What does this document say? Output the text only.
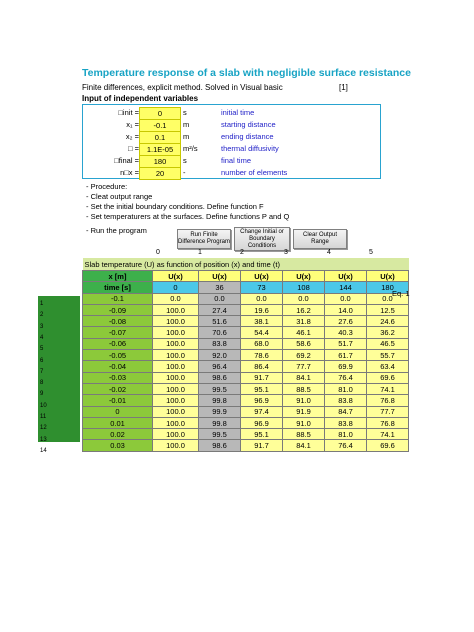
Temperature response of a slab with negligible surface resistance
Finite differences, explicit method. Solved in Visual basic	[1]
Input of independent variables
□init =	0	s	initial time
x₁ =	-0.1	m	starting distance
x₂ =	0.1	m	ending distance
□ =	1.1E-05	m²/s	thermal diffusivity
□final =	180	s	final time
n□x =	20	-	number of elements
- Procedure:
- Cleat output range
- Set the initial boundary conditions. Define function F
- Set temperaturers at the surfaces. Define functions P and Q
- Run the program	Run Finite Difference Program
Change Initial or Boundary Conditions
Clear Output Range
0	1	2	3	4	5
Slab temperature (U) as function of position (x) and time (t)						
x [m]	U(x)	U(x)	U(x)	U(x)	U(x)	U(x)
time [s]	0	36	73	108	144	180
-0.1	0.0	0.0	0.0	0.0	0.0	0.0
-0.09	100.0	27.4	19.6	16.2	14.0	12.5
-0.08	100.0	51.6	38.1	31.8	27.6	24.6
-0.07	100.0	70.6	54.4	46.1	40.3	36.2
-0.06	100.0	83.8	68.0	58.6	51.7	46.5
-0.05	100.0	92.0	78.6	69.2	61.7	55.7
-0.04	100.0	96.4	86.4	77.7	69.9	63.4
-0.03	100.0	98.6	91.7	84.1	76.4	69.6
-0.02	100.0	99.5	95.1	88.5	81.0	74.1
-0.01	100.0	99.8	96.9	91.0	83.8	76.8
0	100.0	99.9	97.4	91.9	84.7	77.7
0.01	100.0	99.8	96.9	91.0	83.8	76.8
0.02	100.0	99.5	95.1	88.5	81.0	74.1
0.03	100.0	98.6	91.7	84.1	76.4	69.6
Eq. 1
1
2
3
4
5
6
7
8
9
10
11
12
13
14
